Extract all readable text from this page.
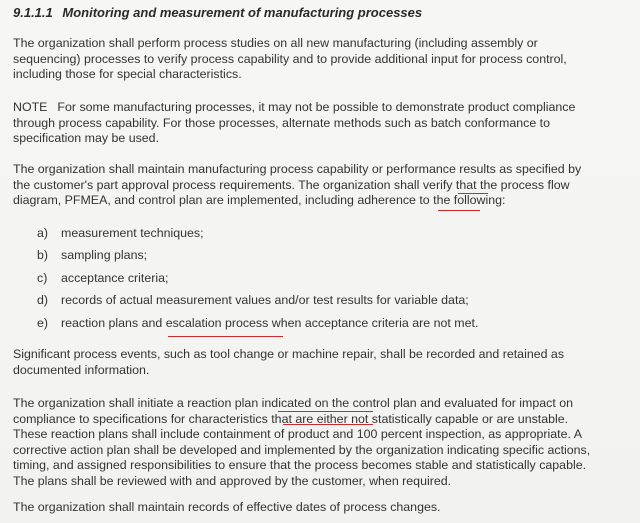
9.1.1.1 Monitoring and measurement of manufacturing processes

The organization shall perform process studies on all new manufacturing (including assembly or
sequencing) processes to verify process capability and to provide additional input for process control,
including those for special characteristics.

NOTE For some manufacturing processes, it may not be possible to demonstrate product compliance
through process capability. For those processes, alternate methods such as batch conformance to
specification may be used.

The organization shall maintain manufacturing process capability or performance results as specified by
the customer's part approval process requirements. The organization shall verify that the process flow
diagram, PFMEA, and control plan are implemented, including adherence to the following:

a) measurement techniques;
b) sampling plans;
c) acceptance criteria;
d) records of actual measurement values and/or test results for variable data;
e) reaction plans and escalation process when acceptance criteria are not met.

Significant process events, such as tool change or machine repair, shall be recorded and retained as
documented information.

The organization shall initiate a reaction plan indicated on the control plan and evaluated for impact on
compliance to specifications for characteristics that are either not statistically capable or are unstable.
These reaction plans shall include containment of product and 100 percent inspection, as appropriate. A
corrective action plan shall be developed and implemented by the organization indicating specific actions,
timing, and assigned responsibilities to ensure that the process becomes stable and statistically capable.
The plans shall be reviewed with and approved by the customer, when required.

The organization shall maintain records of effective dates of process changes.
